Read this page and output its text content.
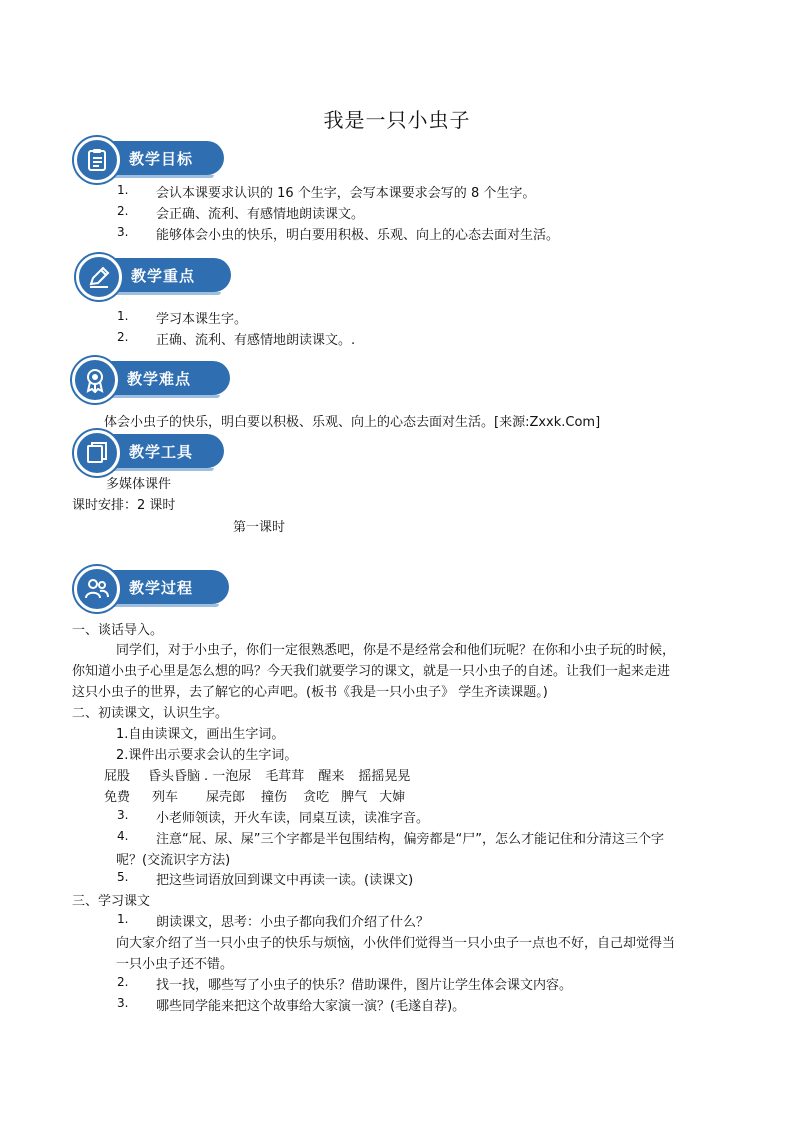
我是一只小虫子
教学目标
1. 会认本课要求认识的 16 个生字，会写本课要求会写的 8 个生字。
2. 会正确、流利、有感情地朗读课文。
3. 能够体会小虫的快乐，明白要用积极、乐观、向上的心态去面对生活。
教学重点
1. 学习本课生字。
2. 正确、流利、有感情地朗读课文。.
教学难点
体会小虫子的快乐，明白要以积极、乐观、向上的心态去面对生活。[来源:Zxxk.Com]
教学工具
多媒体课件
课时安排：2 课时
第一课时
教学过程
一、谈话导入。
同学们，对于小虫子，你们一定很熟悉吧，你是不是经常会和他们玩呢？在你和小虫子玩的时候，
你知道小虫子心里是怎么想的吗？今天我们就要学习的课文，就是一只小虫子的自述。让我们一起来走进
这只小虫子的世界，去了解它的心声吧。(板书《我是一只小虫子》 学生齐读课题。)
二、初读课文，认识生字。
1.自由读课文，画出生字词。
2.课件出示要求会认的生字词。
屁股 昏头昏脑 . 一泡尿 毛茸茸 醒来 摇摇晃晃
免费 列车 屎壳郎 撞伤 贪吃 脾气 大婶
3. 小老师领读，开火车读，同桌互读，读准字音。
4. 注意“屁、尿、屎”三个字都是半包围结构，偏旁都是“尸”，怎么才能记住和分清这三个字
呢？(交流识字方法)
5. 把这些词语放回到课文中再读一读。(读课文)
三、学习课文
1. 朗读课文，思考：小虫子都向我们介绍了什么？
向大家介绍了当一只小虫子的快乐与烦恼，小伙伴们觉得当一只小虫子一点也不好，自己却觉得当
一只小虫子还不错。
2. 找一找，哪些写了小虫子的快乐？借助课件，图片让学生体会课文内容。
3. 哪些同学能来把这个故事给大家演一演？(毛遂自荐)。
